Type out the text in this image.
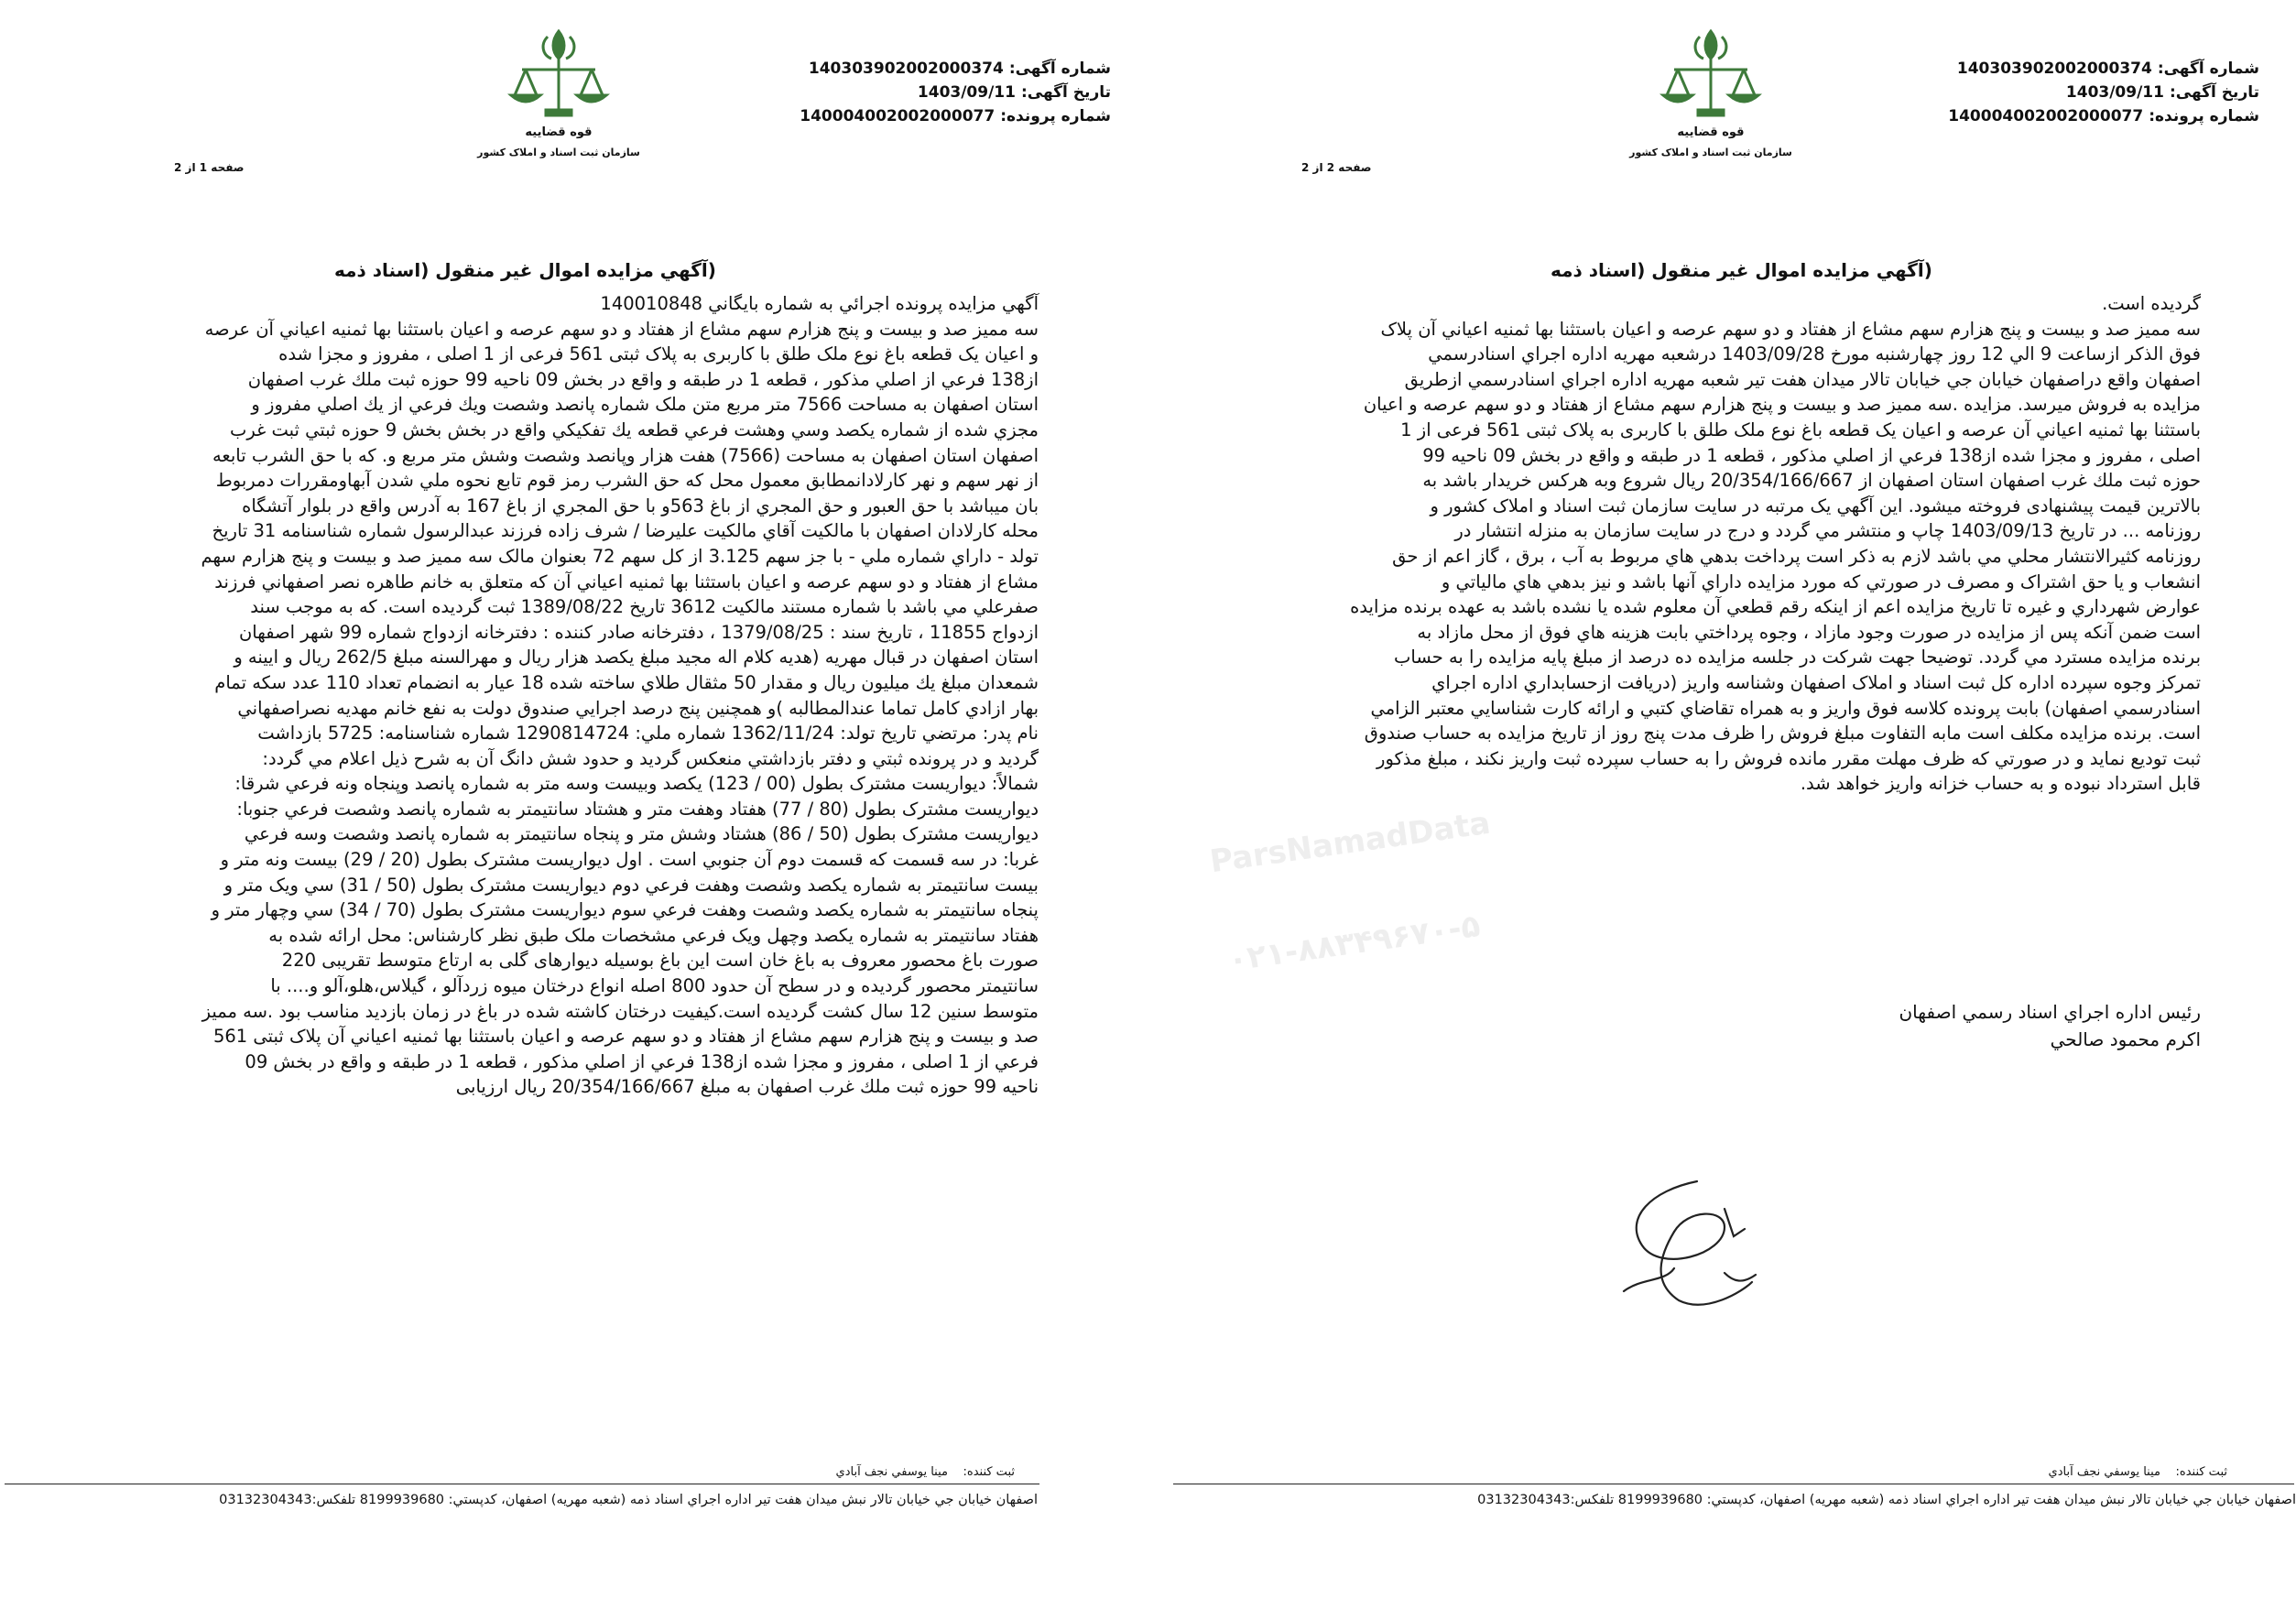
شماره آگهی:140303902002000374
تاریخ آگهی:1403/09/11
شماره پرونده:140004002002000077
قوه قضاییه
سازمان ثبت اسناد و املاک کشور
صفحه 1 از 2
(آگهي مزايده اموال غير منقول (اسناد ذمه
آگهي مزايده پرونده اجرائي به شماره بايگاني 140010848
سه مميز صد و بيست و پنج هزارم سهم مشاع از هفتاد و دو سهم عرصه و اعيان باستثنا بها ثمنيه اعياني آن عرصه
و اعيان يک قطعه باغ نوع ملک طلق با کاربری به پلاک ثبتی 561 فرعی از 1 اصلی ، مفروز و مجزا شده
از138 فرعي از اصلي مذکور ، قطعه 1 در طبقه و واقع در بخش 09 ناحيه 99 حوزه ثبت ملك غرب اصفهان
استان اصفهان به مساحت 7566 متر مربع متن ملک شماره پانصد وشصت ويك فرعي از يك اصلي مفروز و
مجزي شده از شماره يکصد وسي وهشت فرعي قطعه يك تفكيكي واقع در بخش بخش 9 حوزه ثبتي ثبت غرب
اصفهان استان اصفهان به مساحت (7566) هفت هزار وپانصد وشصت وشش متر مربع و. که با حق الشرب تابعه
از نهر سهم و نهر کارلادانمطابق معمول محل که حق الشرب رمز قوم تابع نحوه ملي شدن آبهاومقررات دمربوط
بان ميباشد با حق العبور و حق المجري از باغ 563و با حق المجري از باغ 167 به آدرس واقع در بلوار آتشگاه
محله كارلادان اصفهان با مالکيت آقاي مالکيت عليرضا / شرف زاده فرزند عبدالرسول شماره شناسنامه 31 تاريخ
تولد - داراي شماره ملي - با جز سهم 3.125 از کل سهم 72 بعنوان مالک سه مميز صد و بيست و پنج هزارم سهم
مشاع از هفتاد و دو سهم عرصه و اعيان باستثنا بها ثمنيه اعياني آن كه متعلق به خانم طاهره نصر اصفهاني فرزند
صفرعلي مي باشد با شماره مستند مالکيت 3612 تاريخ 1389/08/22 ثبت گرديده است. که به موجب سند
ازدواج 11855 ، تاريخ سند : 1379/08/25 ، دفترخانه صادر كننده : دفترخانه ازدواج شماره 99 شهر اصفهان
استان اصفهان در قبال مهريه (هديه کلام اله مجيد مبلغ يکصد هزار ريال و مهرالسنه مبلغ 262/5 ريال و ايينه و
شمعدان مبلغ يك ميليون ريال و مقدار 50 مثقال طلاي ساخته شده 18 عيار به انضمام تعداد 110 عدد سکه تمام
بهار ازادي کامل تماما عندالمطالبه )و همچنين پنج درصد اجرايي صندوق دولت به نفع خانم مهديه نصراصفهاني
نام پدر: مرتضي تاريخ تولد: 1362/11/24 شماره ملي: 1290814724 شماره شناسنامه: 5725 بازداشت
گرديد و در پرونده ثبتي و دفتر بازداشتي منعکس گرديد و حدود شش دانگ آن به شرح ذيل اعلام مي گردد:
شمالاً: ديواريست مشترک بطول (00 / 123) يكصد وبيست وسه متر به شماره پانصد وپنجاه ونه فرعي شرقا:
ديواريست مشترک بطول (80 / 77) هفتاد وهفت متر و هشتاد سانتيمتر به شماره پانصد وشصت فرعي جنوبا:
ديواريست مشترک بطول (50 / 86) هشتاد وشش متر و پنجاه سانتيمتر به شماره پانصد وشصت وسه فرعي
غربا: در سه قسمت كه قسمت دوم آن جنوبي است . اول ديواريست مشترک بطول (20 / 29) بيست ونه متر و
بيست سانتيمتر به شماره يکصد وشصت وهفت فرعي دوم ديواريست مشترک بطول (50 / 31) سي ويک متر و
پنجاه سانتيمتر به شماره يکصد وشصت وهفت فرعي سوم ديواريست مشترک بطول (70 / 34) سي وچهار متر و
هفتاد سانتيمتر به شماره يکصد وچهل ويک فرعي مشخصات ملک طبق نظر کارشناس: محل ارائه شده به
صورت باغ محصور معروف به باغ خان است اين باغ بوسيله ديوارهای گلی به ارتاع متوسط تقريبی 220
سانتيمتر محصور گرديده و در سطح آن حدود 800 اصله انواع درختان ميوه زردآلو ، گيلاس،هلو،آلو و.... با
متوسط سنين 12 سال کشت گرديده است.کيفيت درختان کاشته شده در باغ در زمان بازديد مناسب بود .سه مميز
صد و بيست و پنج هزارم سهم مشاع از هفتاد و دو سهم عرصه و اعيان باستثنا بها ثمنيه اعياني آن پلاک ثبتی 561
فرعي از 1 اصلی ، مفروز و مجزا شده از138 فرعي از اصلي مذکور ، قطعه 1 در طبقه و واقع در بخش 09
ناحيه 99 حوزه ثبت ملك غرب اصفهان به مبلغ 20/354/166/667 ريال ارزيابی
ثبت کننده:    مينا يوسفي نجف آبادي
اصفهان خيابان جي خيابان تالار نبش ميدان هفت تير اداره اجراي اسناد ذمه (شعبه مهريه) اصفهان، کدپستي: 8199939680 تلفكس:03132304343
شماره آگهی:140303902002000374
تاریخ آگهی:1403/09/11
شماره پرونده:140004002002000077
قوه قضاییه
سازمان ثبت اسناد و املاک کشور
صفحه 2 از 2
(آگهي مزايده اموال غير منقول (اسناد ذمه
گرديده است.
سه مميز صد و بيست و پنج هزارم سهم مشاع از هفتاد و دو سهم عرصه و اعيان باستثنا بها ثمنيه اعياني آن پلاک
فوق الذکر ازساعت 9 الي 12 روز چهارشنبه مورخ 1403/09/28 درشعبه مهريه اداره اجراي اسنادرسمي
اصفهان واقع دراصفهان خيابان جي خيابان تالار ميدان هفت تير شعبه مهريه اداره اجراي اسنادرسمي ازطريق
مزايده به فروش ميرسد. مزايده .سه مميز صد و بيست و پنج هزارم سهم مشاع از هفتاد و دو سهم عرصه و اعيان
باستثنا بها ثمنيه اعياني آن عرصه و اعيان يک قطعه باغ نوع ملک طلق با کاربری به پلاک ثبتی 561 فرعی از 1
اصلی ، مفروز و مجزا شده از138 فرعي از اصلي مذکور ، قطعه 1 در طبقه و واقع در بخش 09 ناحيه 99
حوزه ثبت ملك غرب اصفهان استان اصفهان از 20/354/166/667 ريال شروع وبه هركس خريدار باشد به
بالاترين قيمت پيشنهادی فروخته ميشود. اين آگهي يک مرتبه در سايت سازمان ثبت اسناد و املاک کشور و
روزنامه ... در تاريخ 1403/09/13 چاپ و منتشر مي گردد و درج در سايت سازمان به منزله انتشار در
روزنامه کثيرالانتشار محلي مي باشد لازم به ذکر است پرداخت بدهي هاي مربوط به آب ، برق ، گاز اعم از حق
انشعاب و يا حق اشتراک و مصرف در صورتي که مورد مزايده داراي آنها باشد و نيز بدهي هاي مالياتي و
عوارض شهرداري و غيره تا تاريخ مزايده اعم از اينکه رقم قطعي آن معلوم شده يا نشده باشد به عهده برنده مزايده
است ضمن آنکه پس از مزايده در صورت وجود مازاد ، وجوه پرداختي بابت هزينه هاي فوق از محل مازاد به
برنده مزايده مسترد مي گردد. توضيحا جهت شرکت در جلسه مزايده ده درصد از مبلغ پايه مزايده را به حساب
تمرکز وجوه سپرده اداره کل ثبت اسناد و املاک اصفهان وشناسه واريز (دريافت ازحسابداري اداره اجراي
اسنادرسمي اصفهان) بابت پرونده كلاسه فوق واريز و به همراه تقاضاي کتبي و ارائه كارت شناسايي معتبر الزامي
است. برنده مزايده مکلف است مابه التفاوت مبلغ فروش را ظرف مدت پنج روز از تاريخ مزايده به حساب صندوق
ثبت توديع نمايد و در صورتي که ظرف مهلت مقرر مانده فروش را به حساب سپرده ثبت واريز نکند ، مبلغ مذكور
قابل استرداد نبوده و به حساب خزانه واريز خواهد شد.
رئيس اداره اجراي اسناد رسمي اصفهان
اكرم محمود صالحي
ثبت کننده:    مينا يوسفي نجف آبادي
اصفهان خيابان جي خيابان تالار نبش ميدان هفت تير اداره اجراي اسناد ذمه (شعبه مهريه) اصفهان، کدپستي: 8199939680 تلفكس:03132304343
ParsNamadData
۰۲۱-۸۸۳۴۹۶۷۰-۵
